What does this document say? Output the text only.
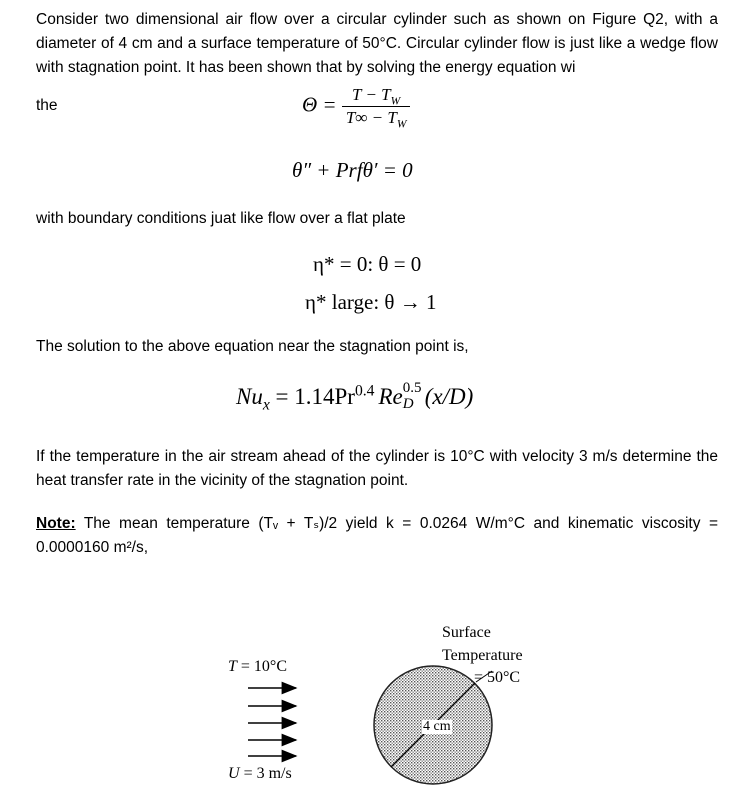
Consider two dimensional air flow over a circular cylinder such as shown on Figure Q2, with a diameter of 4 cm and a surface temperature of 50°C. Circular cylinder flow is just like a wedge flow with stagnation point. It has been shown that by solving the energy equation wi
the	$\Theta = \frac{T - T_W}{T\infty - T_W}$
θ″ + Prfθ′ = 0
with boundary conditions juat like flow over a flat plate
η* = 0: θ = 0
η* large: θ → 1
The solution to the above equation near the stagnation point is,
$Nu_x = 1.14Pr^{0.4}$ Re 0.5
D (x/D)
If the temperature in the air stream ahead of the cylinder is 10°C with velocity 3 m/s determine the heat transfer rate in the vicinity of the stagnation point.
Note: The mean temperature (Tᵥ + Tₛ)/2 yield k = 0.0264 W/m°C and kinematic viscosity = 0.0000160 m²/s,
T = 10°C
U = 3 m/s
Surface
Temperature
= 50°C
4 cm
